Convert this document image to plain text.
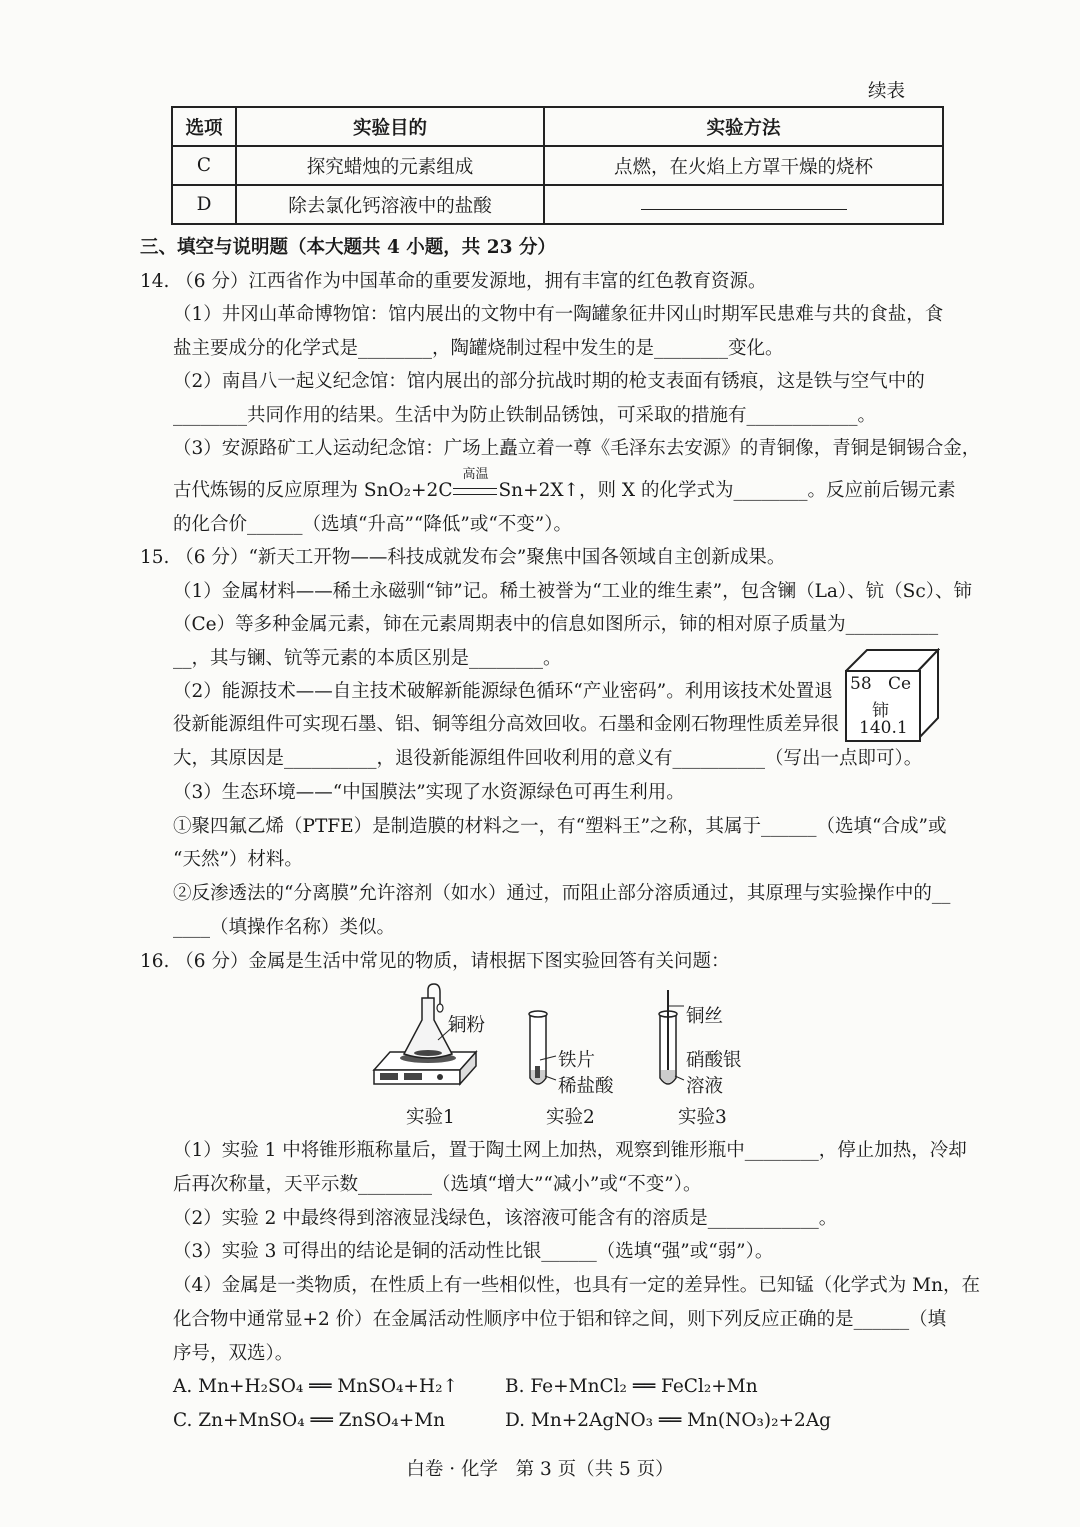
续表
选项	实验目的	实验方法
C	探究蜡烛的元素组成	点燃，在火焰上方罩干燥的烧杯
D	除去氯化钙溶液中的盐酸	
三、填空与说明题（本大题共 4 小题，共 23 分）
14. （6 分）江西省作为中国革命的重要发源地，拥有丰富的红色教育资源。
（1）井冈山革命博物馆：馆内展出的文物中有一陶罐象征井冈山时期军民患难与共的食盐，食
盐主要成分的化学式是________，陶罐烧制过程中发生的是________变化。
（2）南昌八一起义纪念馆：馆内展出的部分抗战时期的枪支表面有锈痕，这是铁与空气中的
________共同作用的结果。生活中为防止铁制品锈蚀，可采取的措施有____________。
（3）安源路矿工人运动纪念馆：广场上矗立着一尊《毛泽东去安源》的青铜像，青铜是铜锡合金，
古代炼锡的反应原理为 SnO₂+2C
高温
Sn+2X↑，则 X 的化学式为________。反应前后锡元素
的化合价______（选填“升高”“降低”或“不变”）。
15. （6 分）“新天工开物——科技成就发布会”聚焦中国各领域自主创新成果。
（1）金属材料——稀土永磁驯“铈”记。稀土被誉为“工业的维生素”，包含镧（La）、钪（Sc）、铈
（Ce）等多种金属元素，铈在元素周期表中的信息如图所示，铈的相对原子质量为__________
__，其与镧、钪等元素的本质区别是________。
（2）能源技术——自主技术破解新能源绿色循环“产业密码”。利用该技术处置退
役新能源组件可实现石墨、铝、铜等组分高效回收。石墨和金刚石物理性质差异很
大，其原因是__________，退役新能源组件回收利用的意义有__________（写出一点即可）。
（3）生态环境——“中国膜法”实现了水资源绿色可再生利用。
①聚四氟乙烯（PTFE）是制造膜的材料之一，有“塑料王”之称，其属于______（选填“合成”或
“天然”）材料。
②反渗透法的“分离膜”允许溶剂（如水）通过，而阻止部分溶质通过，其原理与实验操作中的__
____（填操作名称）类似。
58 Ce
铈
140.1
16. （6 分）金属是生活中常见的物质，请根据下图实验回答有关问题：
铜粉
铁片
稀盐酸
铜丝
硝酸银
溶液
实验1	实验2	实验3
（1）实验 1 中将锥形瓶称量后，置于陶土网上加热，观察到锥形瓶中________，停止加热，冷却
后再次称量，天平示数________（选填“增大”“减小”或“不变”）。
（2）实验 2 中最终得到溶液显浅绿色，该溶液可能含有的溶质是____________。
（3）实验 3 可得出的结论是铜的活动性比银______（选填“强”或“弱”）。
（4）金属是一类物质，在性质上有一些相似性，也具有一定的差异性。已知锰（化学式为 Mn，在
化合物中通常显+2 价）在金属活动性顺序中位于铝和锌之间，则下列反应正确的是______（填
序号，双选）。
A. Mn+H₂SO₄ ══ MnSO₄+H₂↑	B. Fe+MnCl₂ ══ FeCl₂+Mn
C. Zn+MnSO₄ ══ ZnSO₄+Mn	D. Mn+2AgNO₃ ══ Mn(NO₃)₂+2Ag
白卷 · 化学   第 3 页（共 5 页）
